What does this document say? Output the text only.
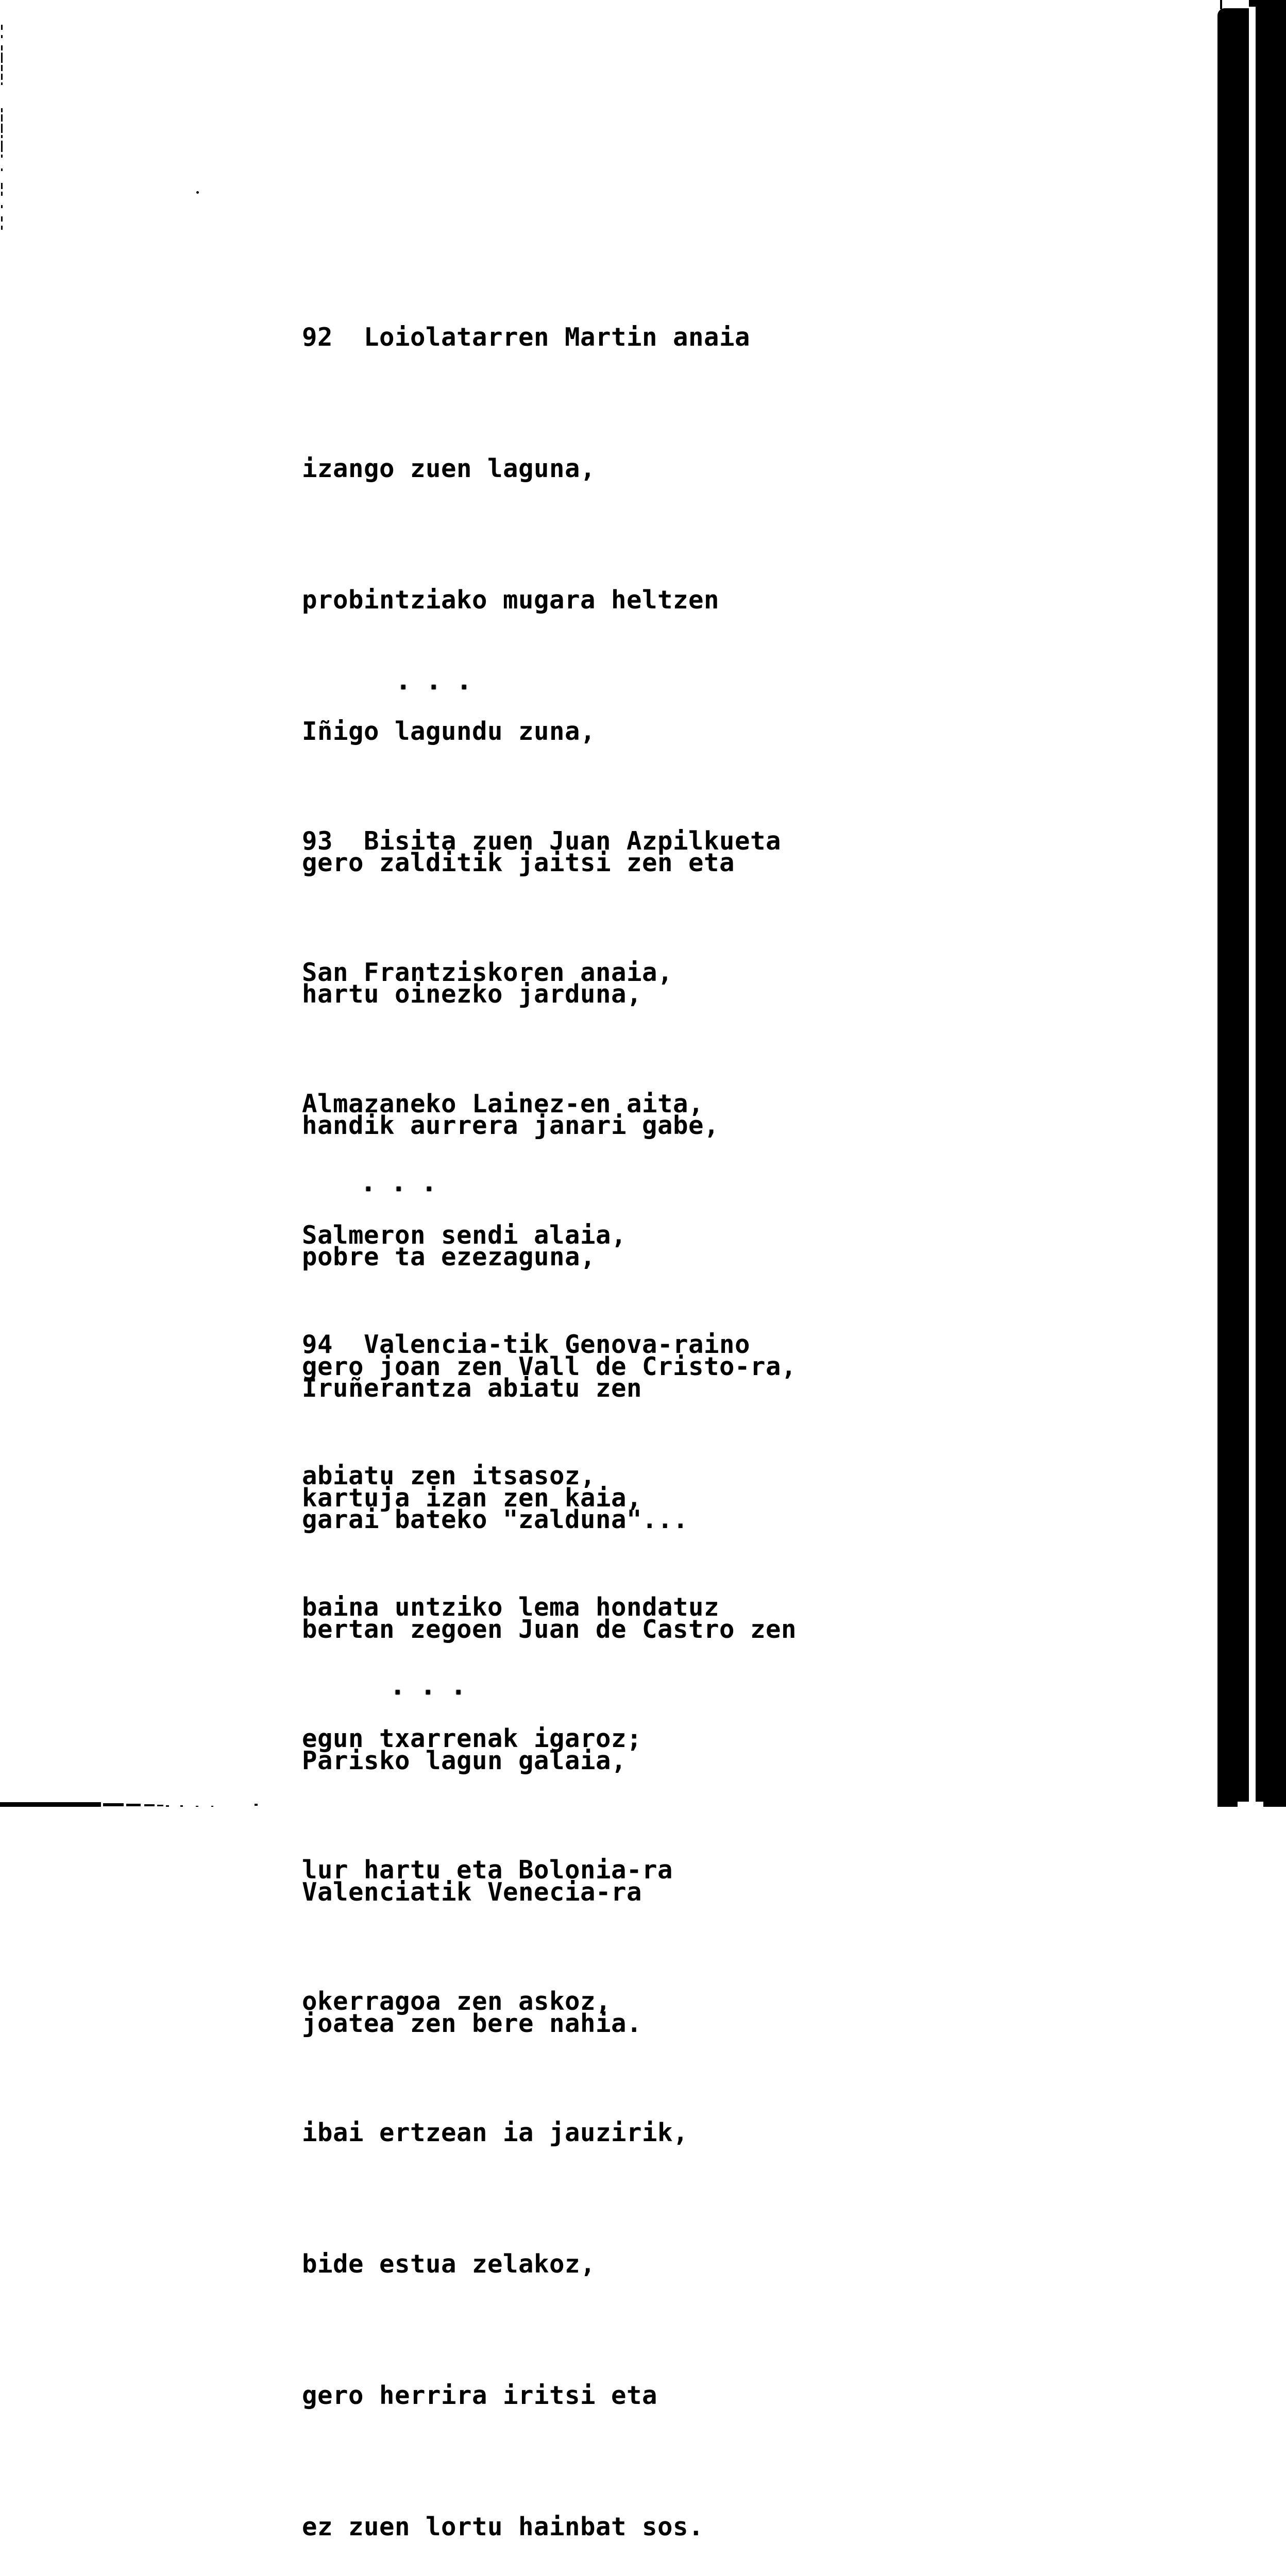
92  Loiolatarren Martin anaia

izango zuen laguna,

probintziako mugara heltzen

Iñigo lagundu zuna,

gero zalditik jaitsi zen eta

hartu oinezko jarduna,

handik aurrera janari gabe,

pobre ta ezezaguna,

Iruñerantza abiatu zen

garai bateko "zalduna"...

. . .

93  Bisita zuen Juan Azpilkueta

San Frantziskoren anaia,

Almazaneko Lainez-en aita,

Salmeron sendi alaia,

gero joan zen Vall de Cristo-ra,

kartuja izan zen kaia,

bertan zegoen Juan de Castro zen

Parisko lagun galaia,

Valenciatik Venecia-ra

joatea zen bere nahia.

. . .

94  Valencia-tik Genova-raino

abiatu zen itsasoz,

baina untziko lema hondatuz

egun txarrenak igaroz;

lur hartu eta Bolonia-ra

okerragoa zen askoz,

ibai ertzean ia jauzirik,

bide estua zelakoz,

gero herrira iritsi eta

ez zuen lortu hainbat sos.

. . .
